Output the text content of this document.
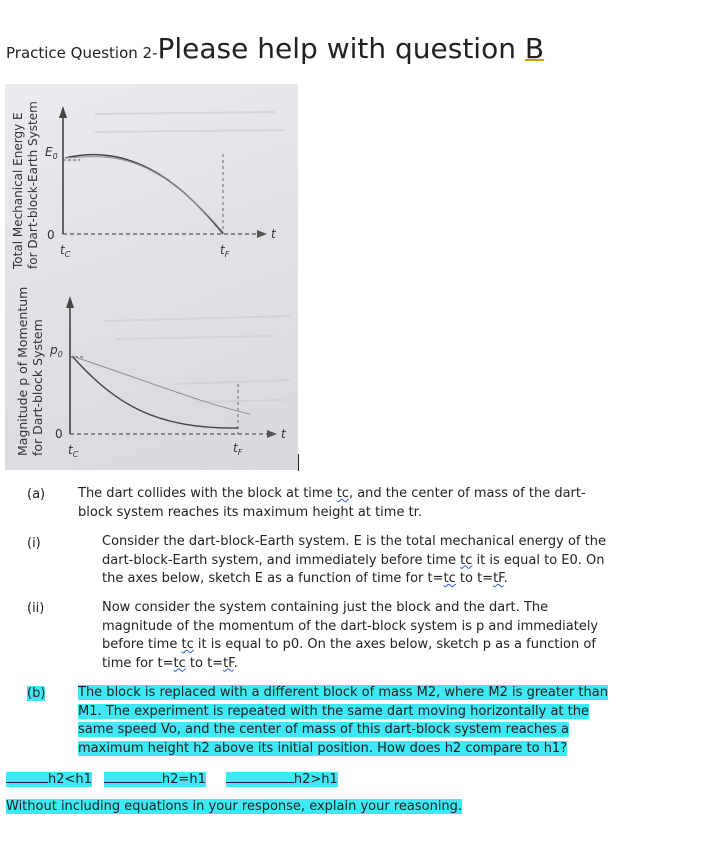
Practice Question 2-Please help with question B
Total Mechanical Energy E for Dart-block-Earth System $E_0$
0
$t_C$	$t_F$
t
Magnitude p of Momentum for Dart-block System $p_0$
0
$t_C$	$t_F$
t
(a)	The dart collides with the block at time tc, and the center of mass of the dart-
block system reaches its maximum height at time tr.
(i)	Consider the dart-block-Earth system. E is the total mechanical energy of the
dart-block-Earth system, and immediately before time tc it is equal to E0. On
the axes below, sketch E as a function of time for t=tc to t=tF.
(ii)	Now consider the system containing just the block and the dart. The
magnitude of the momentum of the dart-block system is p and immediately
before time tc it is equal to p0. On the axes below, sketch p as a function of
time for t=tc to t=tF.
(b)	The block is replaced with a different block of mass M2, where M2 is greater than
M1. The experiment is repeated with the same dart moving horizontally at the
same speed Vo, and the center of mass of this dart-block system reaches a
maximum height h2 above its initial position. How does h2 compare to h1?
h2<h1	h2=h1	h2>h1
Without including equations in your response, explain your reasoning.
